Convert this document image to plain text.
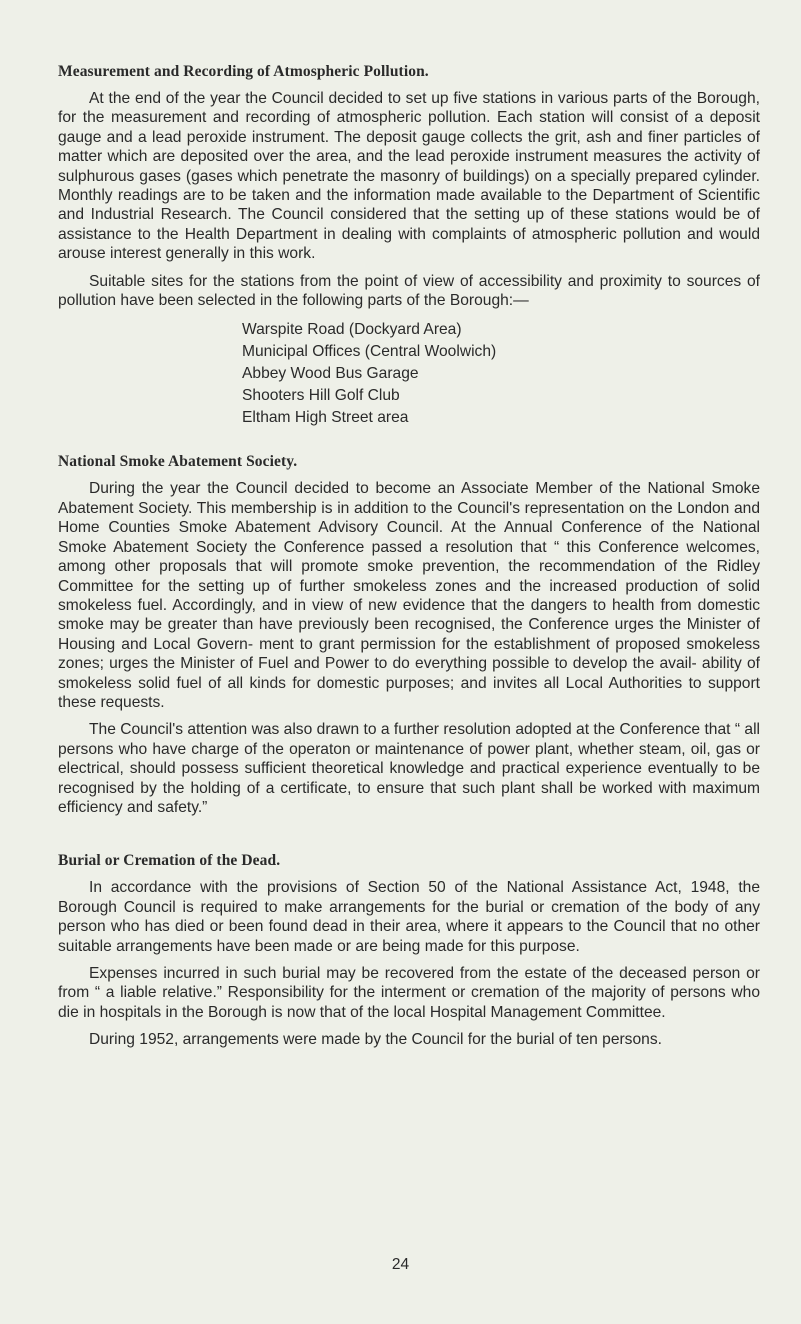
Measurement and Recording of Atmospheric Pollution.

At the end of the year the Council decided to set up five stations in various parts of the Borough, for the measurement and recording of atmospheric pollution. Each station will consist of a deposit gauge and a lead peroxide instrument. The deposit gauge collects the grit, ash and finer particles of matter which are deposited over the area, and the lead peroxide instrument measures the activity of sulphurous gases (gases which penetrate the masonry of buildings) on a specially prepared cylinder. Monthly readings are to be taken and the information made available to the Department of Scientific and Industrial Research. The Council considered that the setting up of these stations would be of assistance to the Health Department in dealing with complaints of atmospheric pollution and would arouse interest generally in this work.

Suitable sites for the stations from the point of view of accessibility and proximity to sources of pollution have been selected in the following parts of the Borough:—

Warspite Road (Dockyard Area)
Municipal Offices (Central Woolwich)
Abbey Wood Bus Garage
Shooters Hill Golf Club
Eltham High Street area
National Smoke Abatement Society.

During the year the Council decided to become an Associate Member of the National Smoke Abatement Society. This membership is in addition to the Council's representation on the London and Home Counties Smoke Abatement Advisory Council. At the Annual Conference of the National Smoke Abatement Society the Conference passed a resolution that “ this Conference welcomes, among other proposals that will promote smoke prevention, the recommendation of the Ridley Committee for the setting up of further smokeless zones and the increased production of solid smokeless fuel. Accordingly, and in view of new evidence that the dangers to health from domestic smoke may be greater than have previously been recognised, the Conference urges the Minister of Housing and Local Govern- ment to grant permission for the establishment of proposed smokeless zones; urges the Minister of Fuel and Power to do everything possible to develop the avail- ability of smokeless solid fuel of all kinds for domestic purposes; and invites all Local Authorities to support these requests.

The Council's attention was also drawn to a further resolution adopted at the Conference that “ all persons who have charge of the operaton or maintenance of power plant, whether steam, oil, gas or electrical, should possess sufficient theoretical knowledge and practical experience eventually to be recognised by the holding of a certificate, to ensure that such plant shall be worked with maximum efficiency and safety.”

Burial or Cremation of the Dead.

In accordance with the provisions of Section 50 of the National Assistance Act, 1948, the Borough Council is required to make arrangements for the burial or cremation of the body of any person who has died or been found dead in their area, where it appears to the Council that no other suitable arrangements have been made or are being made for this purpose.

Expenses incurred in such burial may be recovered from the estate of the deceased person or from “ a liable relative.” Responsibility for the interment or cremation of the majority of persons who die in hospitals in the Borough is now that of the local Hospital Management Committee.

During 1952, arrangements were made by the Council for the burial of ten persons.

24
